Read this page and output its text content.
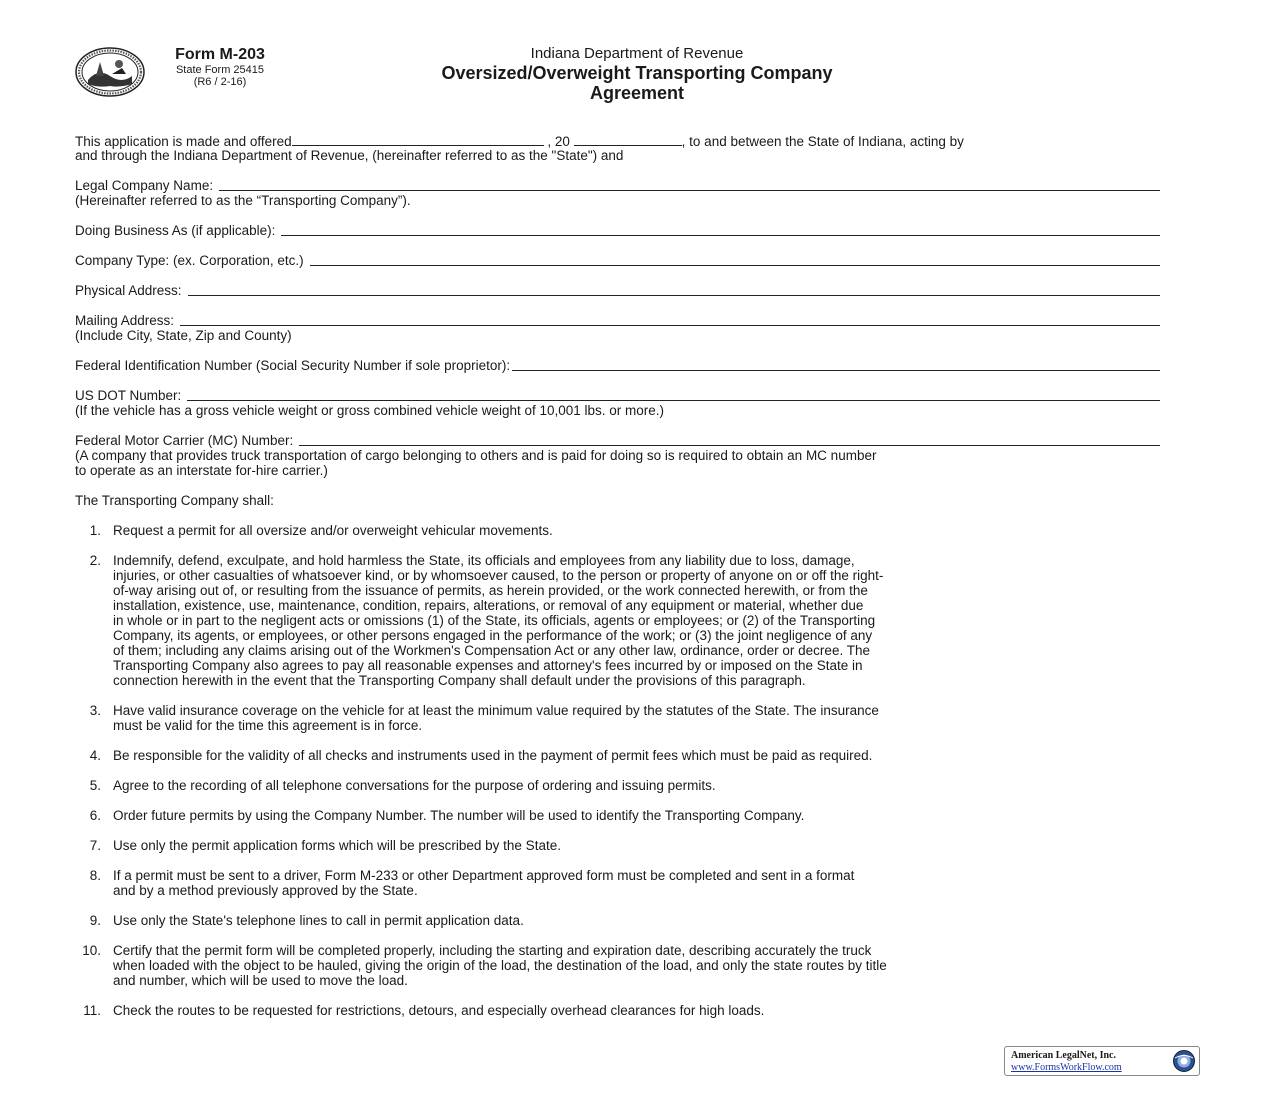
Form M-203
State Form 25415
(R6 / 2-16)
Indiana Department of Revenue
Oversized/Overweight Transporting Company
Agreement
This application is made and offered	, 20	, to and between the State of Indiana, acting by
and through the Indiana Department of Revenue, (hereinafter referred to as the "State") and
Legal Company Name:
(Hereinafter referred to as the “Transporting Company”).
Doing Business As (if applicable):
Company Type: (ex. Corporation, etc.)
Physical Address:
Mailing Address:
(Include City, State, Zip and County)
Federal Identification Number (Social Security Number if sole proprietor):
US DOT Number:
(If the vehicle has a gross vehicle weight or gross combined vehicle weight of 10,001 lbs. or more.)
Federal Motor Carrier (MC) Number:
(A company that provides truck transportation of cargo belonging to others and is paid for doing so is required to obtain an MC number
to operate as an interstate for-hire carrier.)
The Transporting Company shall:
1. Request a permit for all oversize and/or overweight vehicular movements.
2. Indemnify, defend, exculpate, and hold harmless the State, its officials and employees from any liability due to loss, damage,
injuries, or other casualties of whatsoever kind, or by whomsoever caused, to the person or property of anyone on or off the right-
of-way arising out of, or resulting from the issuance of permits, as herein provided, or the work connected herewith, or from the
installation, existence, use, maintenance, condition, repairs, alterations, or removal of any equipment or material, whether due
in whole or in part to the negligent acts or omissions (1) of the State, its officials, agents or employees; or (2) of the Transporting
Company, its agents, or employees, or other persons engaged in the performance of the work; or (3) the joint negligence of any
of them; including any claims arising out of the Workmen's Compensation Act or any other law, ordinance, order or decree. The
Transporting Company also agrees to pay all reasonable expenses and attorney's fees incurred by or imposed on the State in
connection herewith in the event that the Transporting Company shall default under the provisions of this paragraph.
3. Have valid insurance coverage on the vehicle for at least the minimum value required by the statutes of the State. The insurance
must be valid for the time this agreement is in force.
4. Be responsible for the validity of all checks and instruments used in the payment of permit fees which must be paid as required.
5. Agree to the recording of all telephone conversations for the purpose of ordering and issuing permits.
6. Order future permits by using the Company Number. The number will be used to identify the Transporting Company.
7. Use only the permit application forms which will be prescribed by the State.
8. If a permit must be sent to a driver, Form M-233 or other Department approved form must be completed and sent in a format
and by a method previously approved by the State.
9. Use only the State's telephone lines to call in permit application data.
10. Certify that the permit form will be completed properly, including the starting and expiration date, describing accurately the truck
when loaded with the object to be hauled, giving the origin of the load, the destination of the load, and only the state routes by title
and number, which will be used to move the load.
11. Check the routes to be requested for restrictions, detours, and especially overhead clearances for high loads.
American LegalNet, Inc.
www.FormsWorkFlow.com
